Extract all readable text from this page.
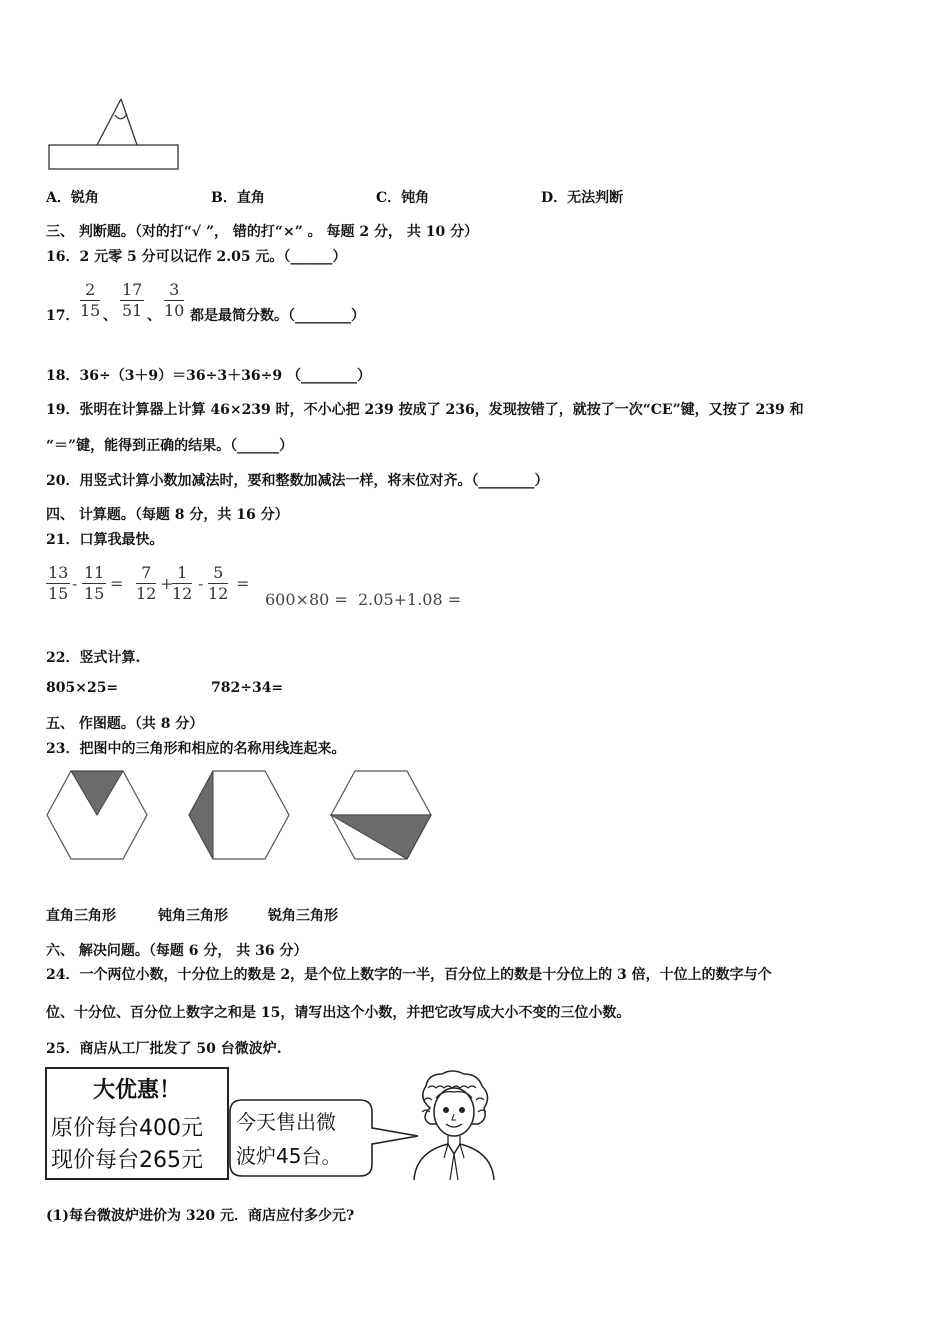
A．锐角	B．直角	C．钝角	D．无法判断
三、 判断题。（对的打“√ ”， 错的打“×” 。 每题 2 分， 共 10 分）
16．2 元零 5 分可以记作 2.05 元。（______）
17． $\frac{2}{15}$ 、 $\frac{17}{51}$ 、 $\frac{3}{10}$ 都是最简分数。（________）
18．36÷（3＋9）＝36÷3＋36÷9 （________）
19．张明在计算器上计算 46×239 时，不小心把 239 按成了 236，发现按错了，就按了一次“CE”键，又按了 239 和
“＝”键，能得到正确的结果。（______）
20．用竖式计算小数加减法时，要和整数加减法一样，将末位对齐。（________）
四、 计算题。（每题 8 分，共 16 分）
21．口算我最快。
$\frac{13}{15} - \frac{11}{15} = \frac{7}{12}$ +
$\frac{1}{12} - \frac{5}{12}$ =
600×80 = 2.05+1.08 =
22．竖式计算.
805×25=	782÷34=
五、 作图题。（共 8 分）
23．把图中的三角形和相应的名称用线连起来。
直角三角形	钝角三角形	锐角三角形
六、 解决问题。（每题 6 分， 共 36 分）
24．一个两位小数，十分位上的数是 2，是个位上数字的一半，百分位上的数是十分位上的 3 倍，十位上的数字与个
位、十分位、百分位上数字之和是 15，请写出这个小数，并把它改写成大小不变的三位小数。
25．商店从工厂批发了 50 台微波炉.
大优惠！
原价每台400元
现价每台265元
今天售出微
波炉45台。
(1)每台微波炉进价为 320 元．商店应付多少元?
